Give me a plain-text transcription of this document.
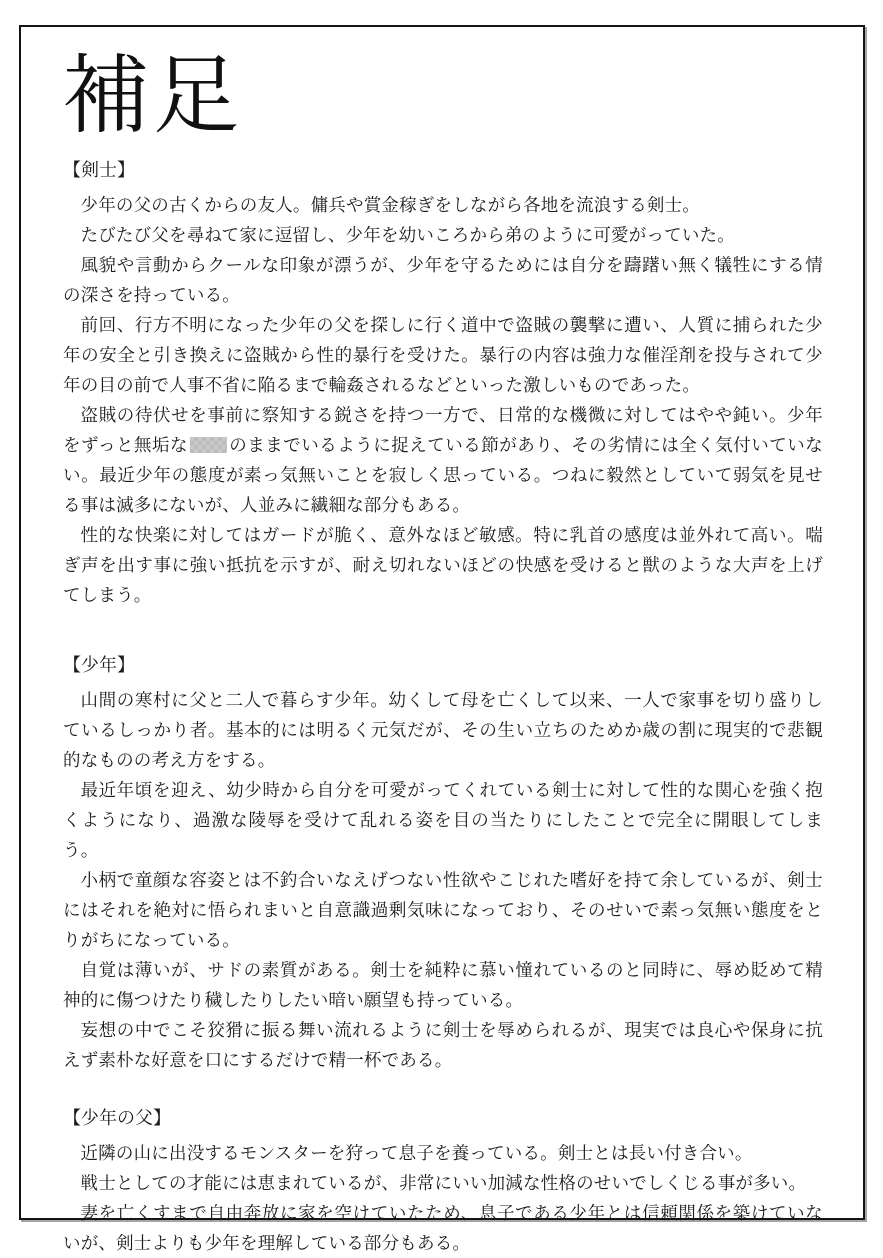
補足
【剣士】

少年の父の古くからの友人。傭兵や賞金稼ぎをしながら各地を流浪する剣士。

たびたび父を尋ねて家に逗留し、少年を幼いころから弟のように可愛がっていた。

風貌や言動からクールな印象が漂うが、少年を守るためには自分を躊躇い無く犠牲にする情の深さを持っている。

前回、行方不明になった少年の父を探しに行く道中で盗賊の襲撃に遭い、人質に捕られた少年の安全と引き換えに盗賊から性的暴行を受けた。暴行の内容は強力な催淫剤を投与されて少年の目の前で人事不省に陥るまで輪姦されるなどといった激しいものであった。

盗賊の待伏せを事前に察知する鋭さを持つ一方で、日常的な機微に対してはやや鈍い。少年をずっと無垢な のままでいるように捉えている節があり、その劣情には全く気付いていない。最近少年の態度が素っ気無いことを寂しく思っている。つねに毅然としていて弱気を見せる事は滅多にないが、人並みに繊細な部分もある。

性的な快楽に対してはガードが脆く、意外なほど敏感。特に乳首の感度は並外れて高い。喘ぎ声を出す事に強い抵抗を示すが、耐え切れないほどの快感を受けると獣のような大声を上げてしまう。

【少年】

山間の寒村に父と二人で暮らす少年。幼くして母を亡くして以来、一人で家事を切り盛りしているしっかり者。基本的には明るく元気だが、その生い立ちのためか歳の割に現実的で悲観的なものの考え方をする。

最近年頃を迎え、幼少時から自分を可愛がってくれている剣士に対して性的な関心を強く抱くようになり、過激な陵辱を受けて乱れる姿を目の当たりにしたことで完全に開眼してしまう。

小柄で童顔な容姿とは不釣合いなえげつない性欲やこじれた嗜好を持て余しているが、剣士にはそれを絶対に悟られまいと自意識過剰気味になっており、そのせいで素っ気無い態度をとりがちになっている。

自覚は薄いが、サドの素質がある。剣士を純粋に慕い憧れているのと同時に、辱め貶めて精神的に傷つけたり穢したりしたい暗い願望も持っている。

妄想の中でこそ狡猾に振る舞い流れるように剣士を辱められるが、現実では良心や保身に抗えず素朴な好意を口にするだけで精一杯である。

【少年の父】

近隣の山に出没するモンスターを狩って息子を養っている。剣士とは長い付き合い。

戦士としての才能には恵まれているが、非常にいい加減な性格のせいでしくじる事が多い。

妻を亡くすまで自由奔放に家を空けていたため、息子である少年とは信頼関係を築けていないが、剣士よりも少年を理解している部分もある。
